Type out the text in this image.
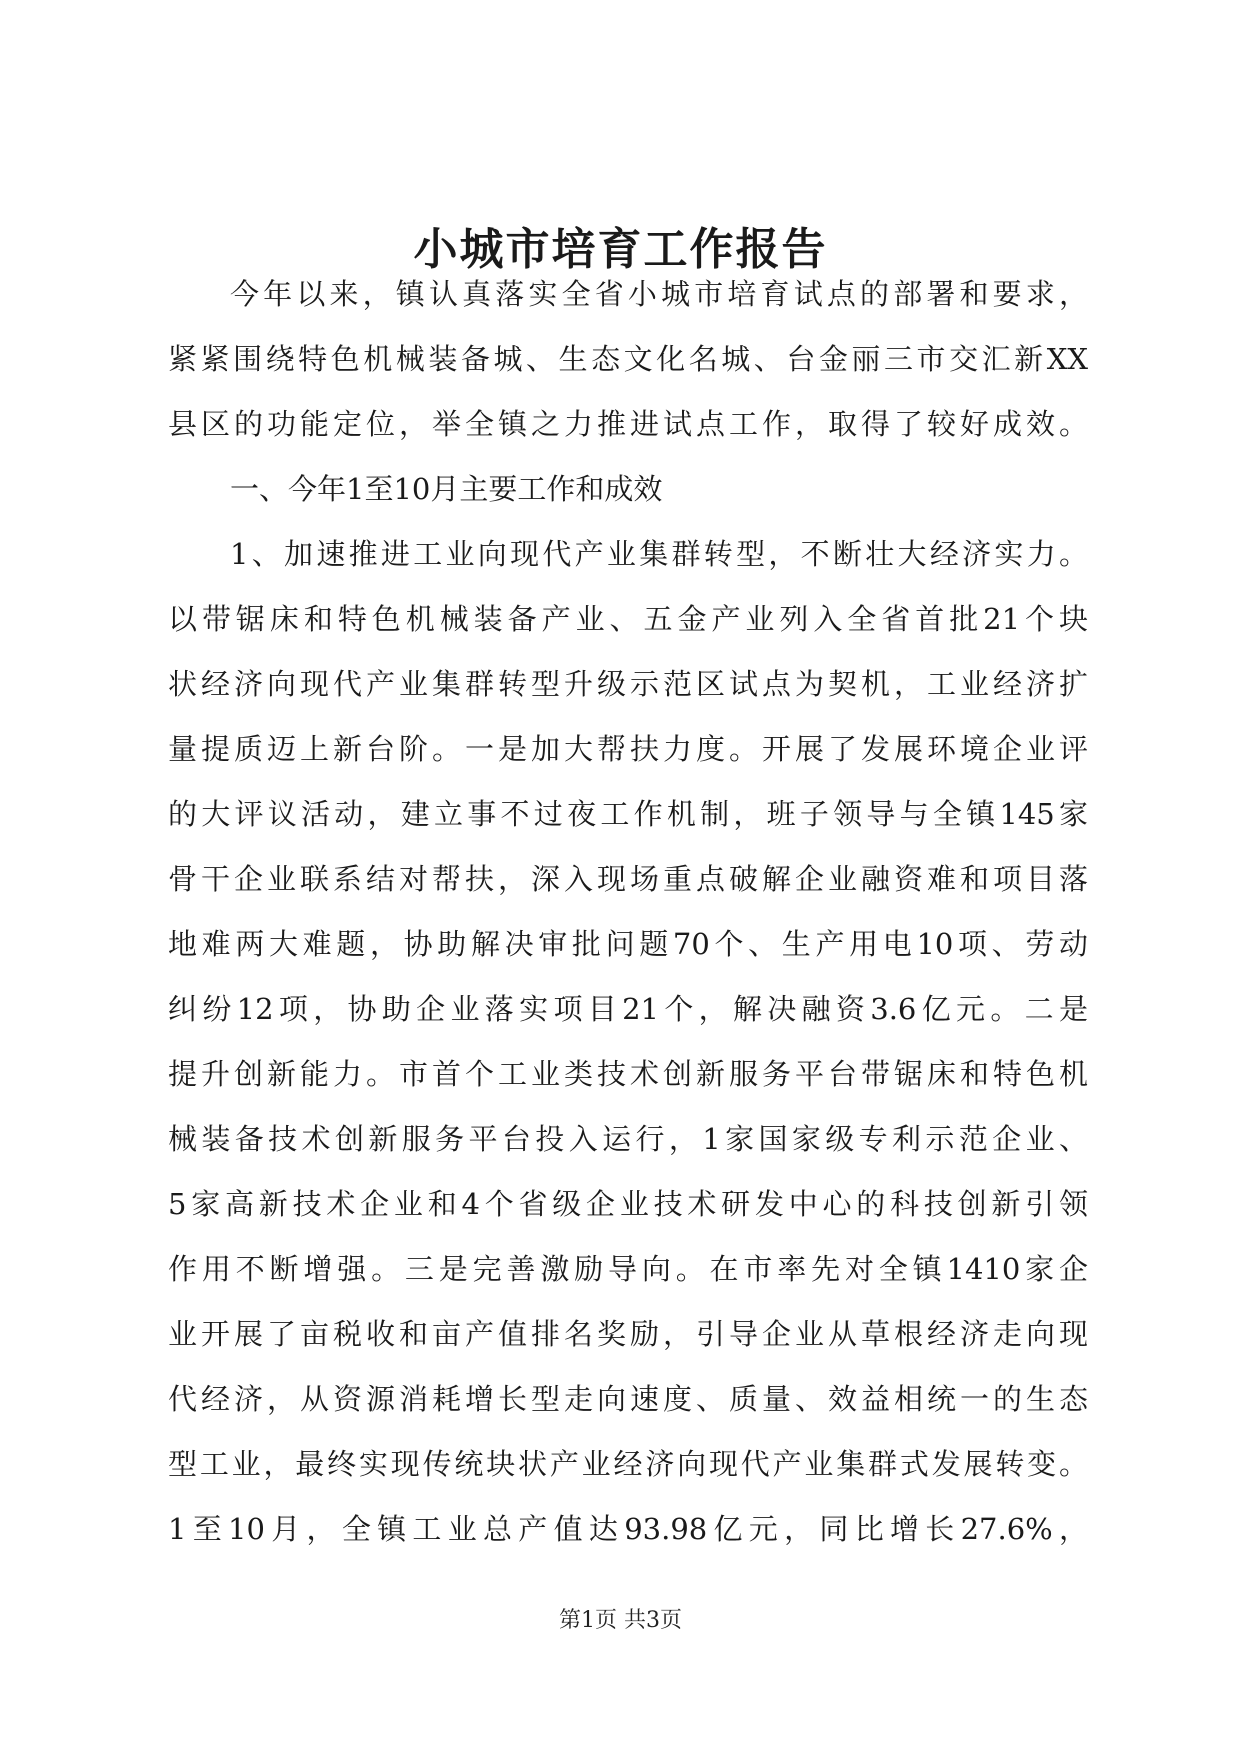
小城市培育工作报告
今年以来，镇认真落实全省小城市培育试点的部署和要求，
紧紧围绕特色机械装备城、生态文化名城、台金丽三市交汇新XX
县区的功能定位，举全镇之力推进试点工作，取得了较好成效。
一、今年1至10月主要工作和成效
1、加速推进工业向现代产业集群转型，不断壮大经济实力。
以带锯床和特色机械装备产业、五金产业列入全省首批21个块
状经济向现代产业集群转型升级示范区试点为契机，工业经济扩
量提质迈上新台阶。一是加大帮扶力度。开展了发展环境企业评
的大评议活动，建立事不过夜工作机制，班子领导与全镇145家
骨干企业联系结对帮扶，深入现场重点破解企业融资难和项目落
地难两大难题，协助解决审批问题70个、生产用电10项、劳动
纠纷12项，协助企业落实项目21个，解决融资3.6亿元。二是
提升创新能力。市首个工业类技术创新服务平台带锯床和特色机
械装备技术创新服务平台投入运行，1家国家级专利示范企业、
5家高新技术企业和4个省级企业技术研发中心的科技创新引领
作用不断增强。三是完善激励导向。在市率先对全镇1410家企
业开展了亩税收和亩产值排名奖励，引导企业从草根经济走向现
代经济，从资源消耗增长型走向速度、质量、效益相统一的生态
型工业，最终实现传统块状产业经济向现代产业集群式发展转变。
1至10月，全镇工业总产值达93.98亿元，同比增长27.6%，
第1页 共3页
